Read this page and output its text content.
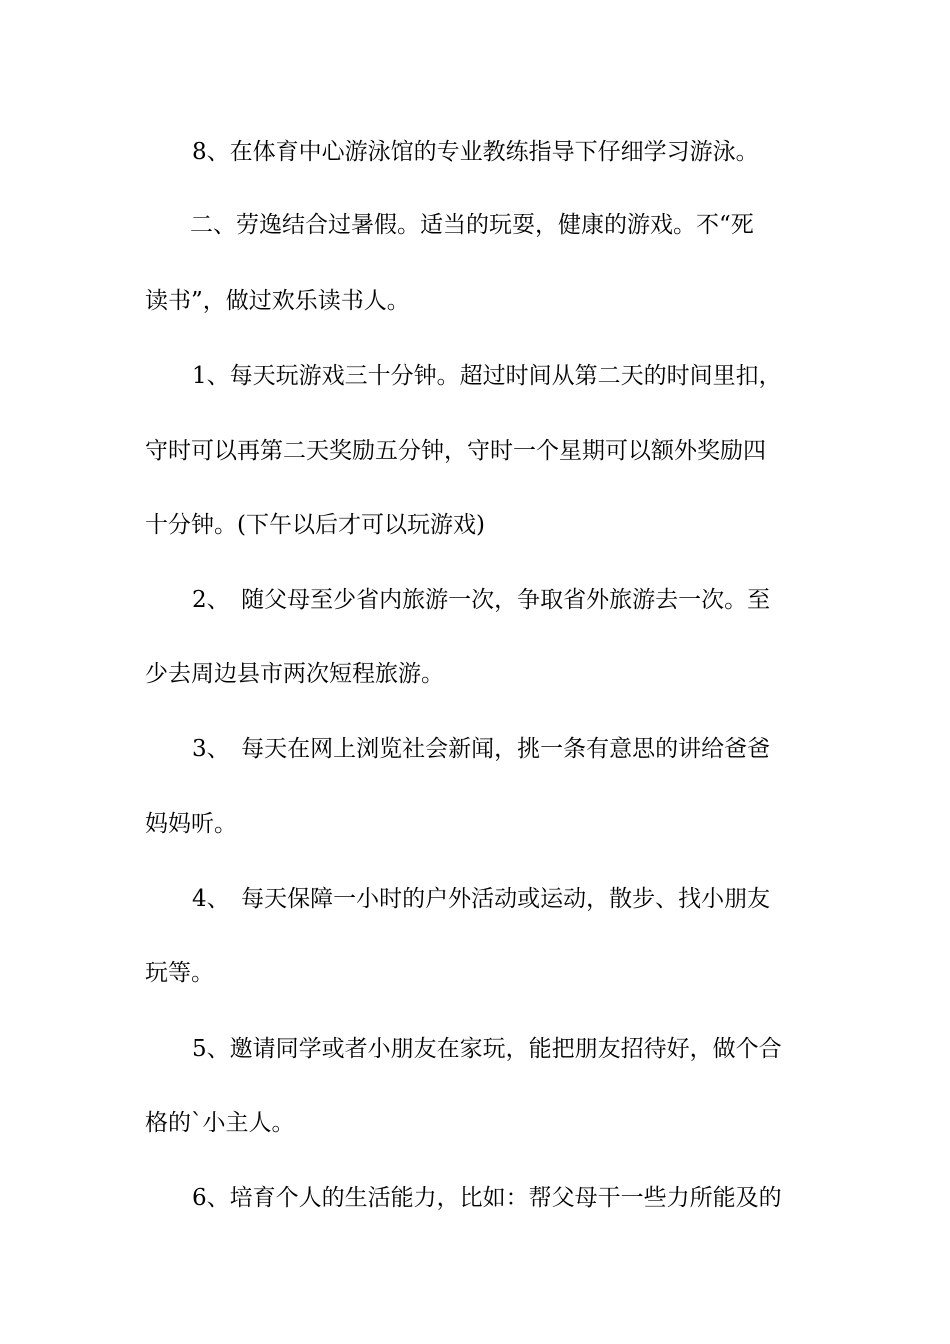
8、在体育中心游泳馆的专业教练指导下仔细学习游泳。

二、劳逸结合过暑假。适当的玩耍，健康的游戏。不“死

读书”，做过欢乐读书人。

1、每天玩游戏三十分钟。超过时间从第二天的时间里扣，

守时可以再第二天奖励五分钟，守时一个星期可以额外奖励四

十分钟。(下午以后才可以玩游戏)

2、　随父母至少省内旅游一次，争取省外旅游去一次。至

少去周边县市两次短程旅游。

3、　每天在网上浏览社会新闻，挑一条有意思的讲给爸爸

妈妈听。

4、　每天保障一小时的户外活动或运动，散步、找小朋友

玩等。

5、邀请同学或者小朋友在家玩，能把朋友招待好，做个合

格的`小主人。

6、培育个人的生活能力，比如：帮父母干一些力所能及的
